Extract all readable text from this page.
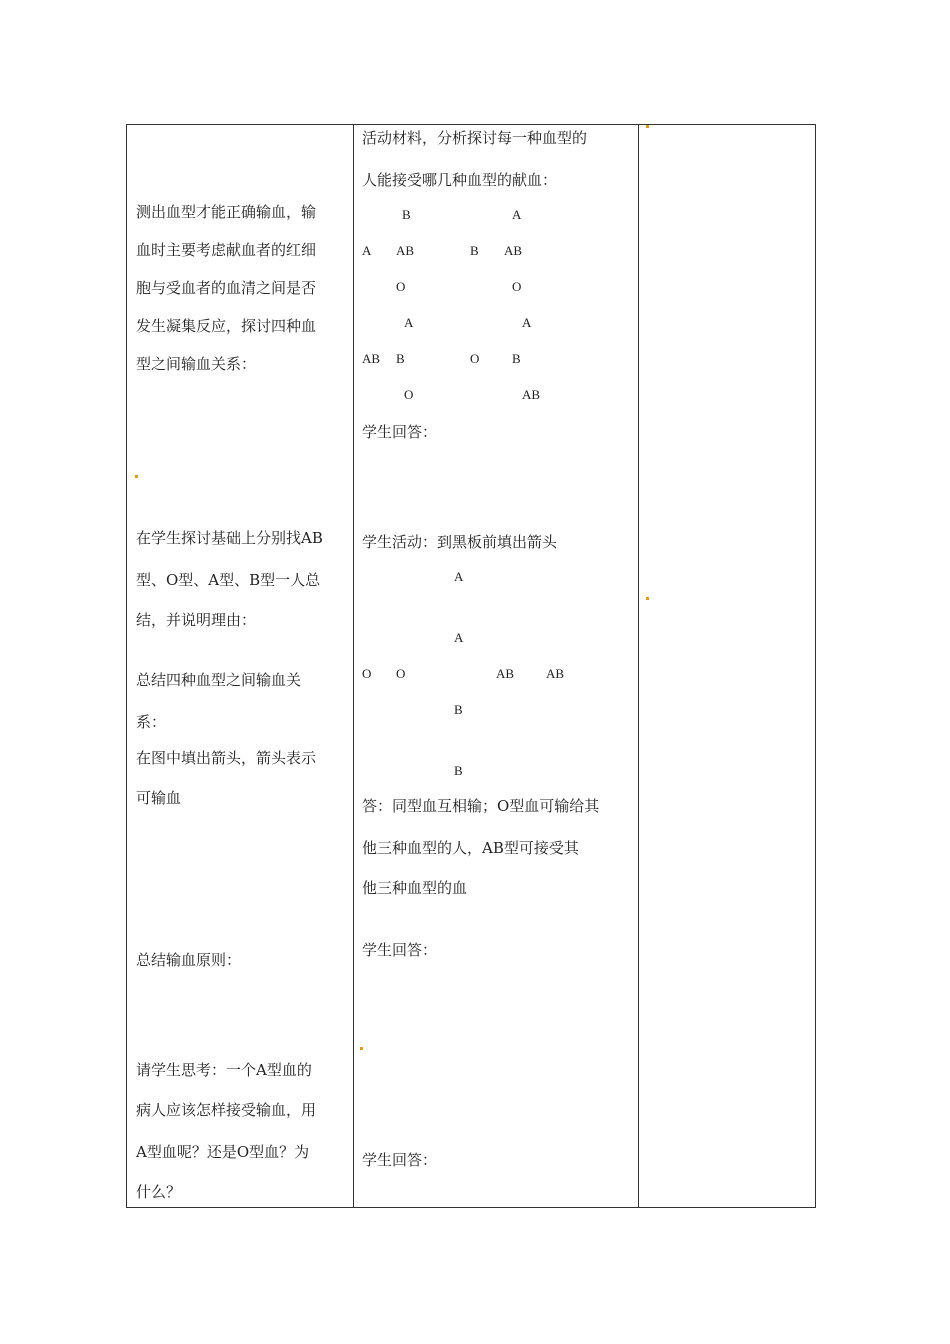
测出血型才能正确输血，输
血时主要考虑献血者的红细
胞与受血者的血清之间是否
发生凝集反应，探讨四种血
型之间输血关系：
在学生探讨基础上分别找AB
型、O型、A型、B型一人总
结，并说明理由：
总结四种血型之间输血关
系：
在图中填出箭头，箭头表示
可输血
总结输血原则：
请学生思考：一个A型血的
病人应该怎样接受输血，用
A型血呢？还是O型血？为
什么？
活动材料，分析探讨每一种血型的
人能接受哪几种血型的献血：
B
A AB
O
A
B AB
O
A
AB B
O
A
O	B
AB
学生回答：
学生活动：到黑板前填出箭头
A
A
O O	AB AB
B
B
答：同型血互相输；O型血可输给其
他三种血型的人，AB型可接受其
他三种血型的血
学生回答：
学生回答：
